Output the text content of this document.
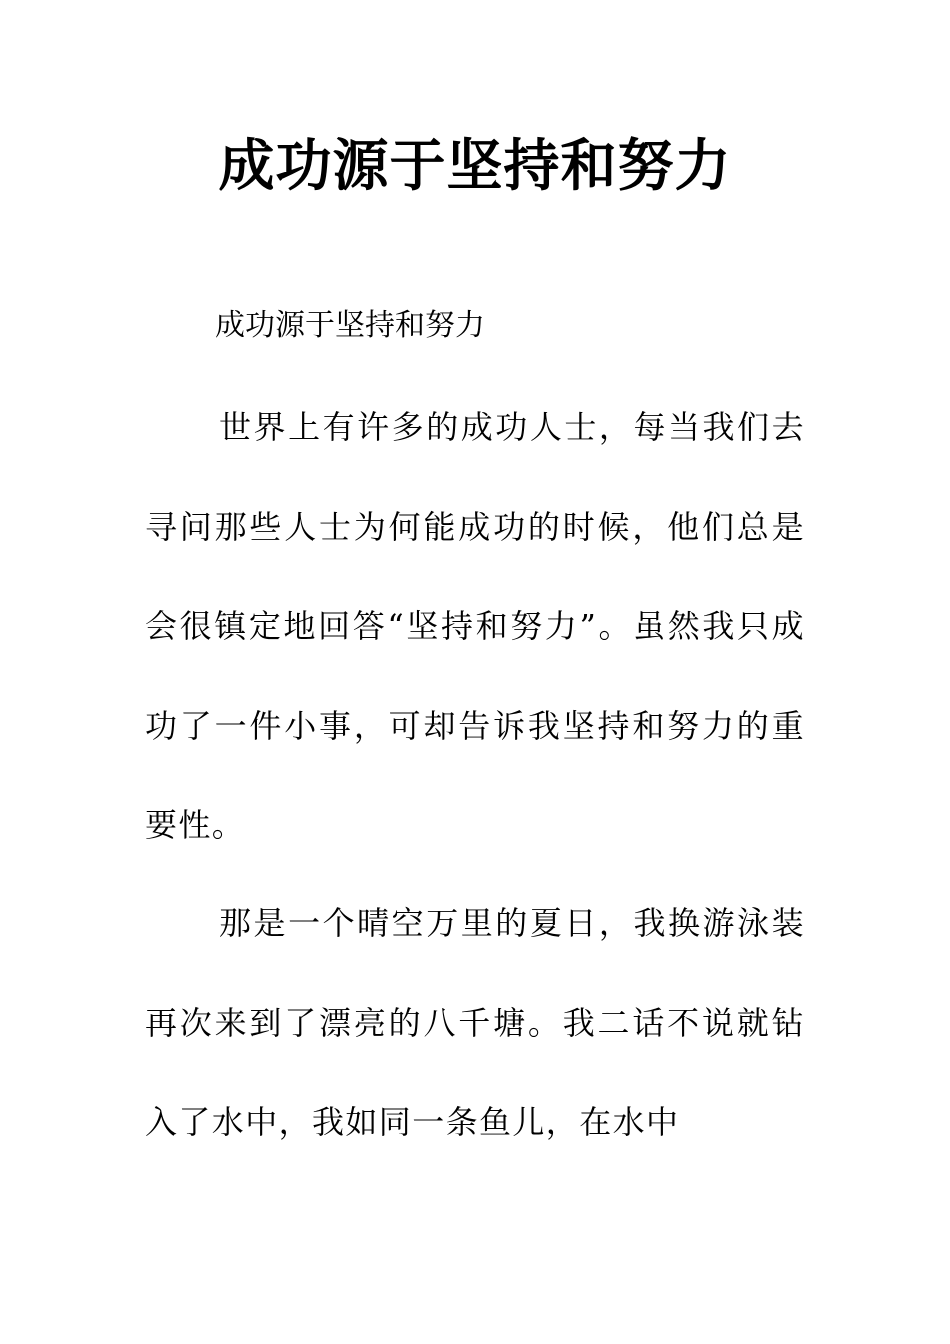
成功源于坚持和努力

成功源于坚持和努力

世界上有许多的成功人士，每当我们去寻问那些人士为何能成功的时候，他们总是会很镇定地回答“坚持和努力”。虽然我只成功了一件小事，可却告诉我坚持和努力的重要性。

那是一个晴空万里的夏日，我换游泳装再次来到了漂亮的八千塘。我二话不说就钻入了水中，我如同一条鱼儿，在水中
